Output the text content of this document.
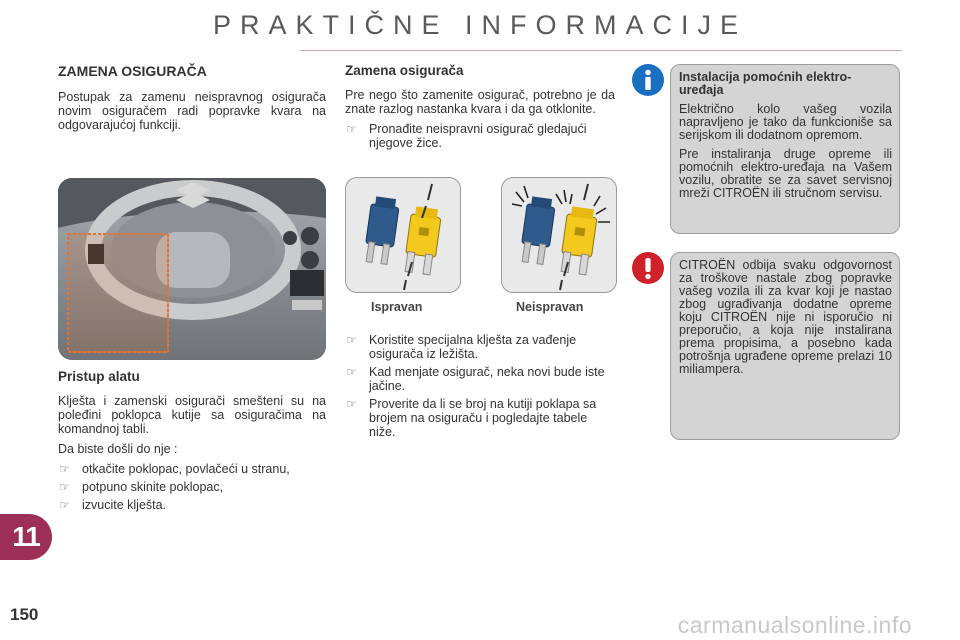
PRAKTIČNE INFORMACIJE
ZAMENA OSIGURAČA

Postupak za zamenu neispravnog osigurača novim osiguračem radi popravke kvara na odgovarajućoj funkciji.

Pristup alatu

Klješta i zamenski osigurači smešteni su na poleđini poklopca kutije sa osiguračima na komandnoj tabli.

Da biste došli do nje :

☞ otkačite poklopac, povlačeći u stranu,
☞ potpuno skinite poklopac,
☞ izvucite klješta.
Zamena osigurača

Pre nego što zamenite osigurač, potrebno je da znate razlog nastanka kvara i da ga otklonite.

☞ Pronađite neispravni osigurač gledajući njegove žice.
Ispravan	Neispravan
☞ Koristite specijalna klješta za vađenje osigurača iz ležišta.
☞ Kad menjate osigurač, neka novi bude iste jačine.
☞ Proverite da li se broj na kutiji poklapa sa brojem na osiguraču i pogledajte tabele niže.
Instalacija pomoćnih elektro-uređaja

Električno kolo vašeg vozila napravljeno je tako da funkcioniše sa serijskom ili dodatnom opremom.

Pre instaliranja druge opreme ili pomoćnih elektro-uređaja na Vašem vozilu, obratite se za savet servisnoj mreži CITROËN ili stručnom servisu.

CITROËN odbija svaku odgovornost za troškove nastale zbog popravke vašeg vozila ili za kvar koji je nastao zbog ugrađivanja dodatne opreme koju CITROËN nije ni isporučio ni preporučio, a koja nije instalirana prema propisima, a posebno kada potrošnja ugrađene opreme prelazi 10 miliampera.

11
150	carmanualsonline.info
